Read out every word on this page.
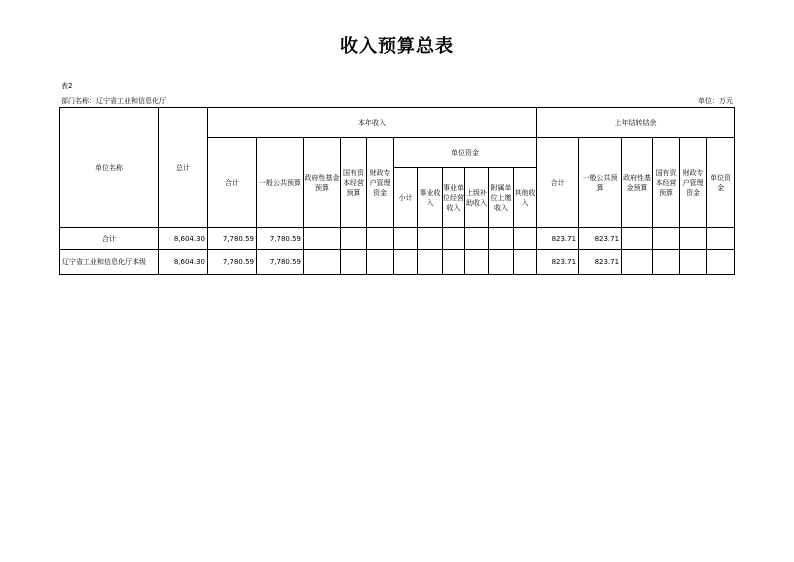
收入预算总表
表2
部门名称：辽宁省工业和信息化厅	单位：万元
单位名称	总计	本年收入											上年结转结余					
		合计	一般公共预算	政府性基金预算	国有资本经营预算	财政专户管理资金	单位资金						合计	一般公共预算	政府性基金预算	国有资本经营预算	财政专户管理资金	单位资金
							小计	事业收入	事业单位经营收入	上级补助收入	附属单位上缴收入	其他收入						

合计	8,604.30	7,780.59	7,780.59										823.71	823.71				
辽宁省工业和信息化厅本级	8,604.30	7,780.59	7,780.59										823.71	823.71				
